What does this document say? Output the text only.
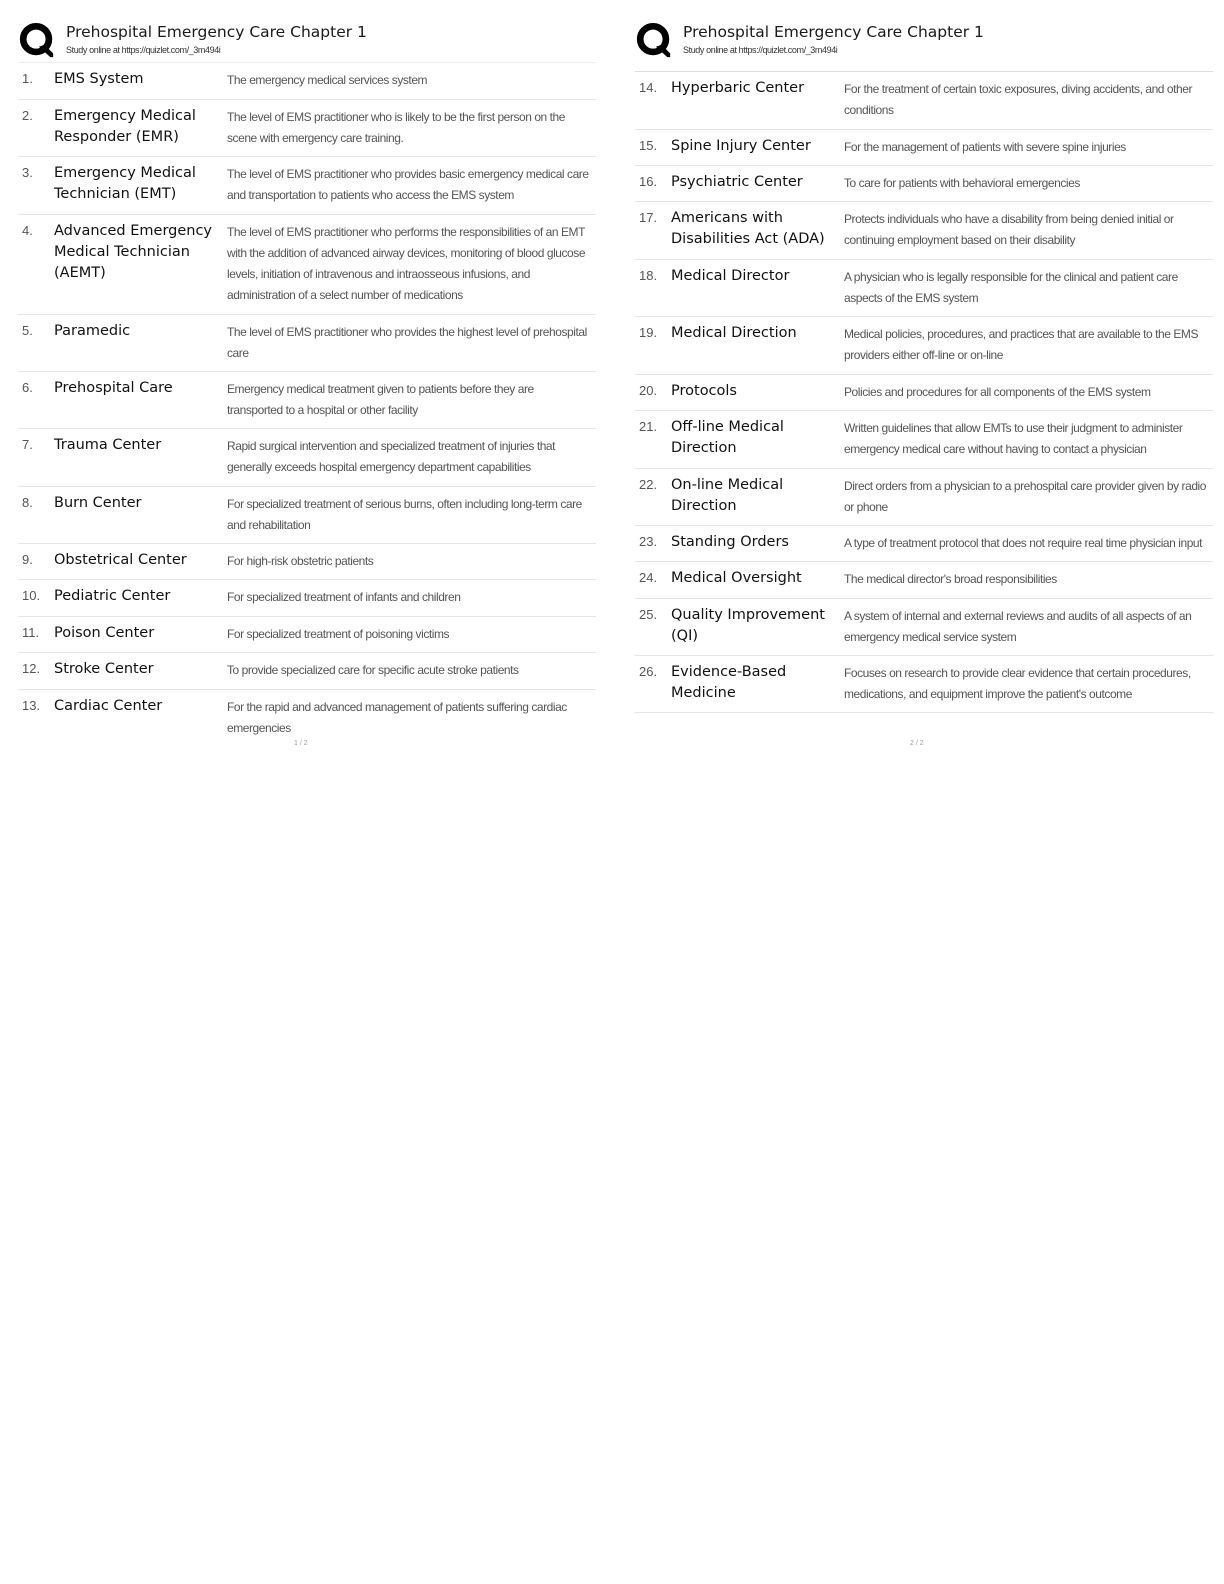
Prehospital Emergency Care Chapter 1
Study online at https://quizlet.com/_3m494i
1.	EMS System	The emergency medical services system
2.	Emergency Medical Responder (EMR)
The level of EMS practitioner who is likely to be the first person on the scene with emergency care training.
3.	Emergency Medical Technician (EMT)
The level of EMS practitioner who provides basic emergency medical care and transportation to patients who access the EMS system
4.	Advanced Emergency Medical Technician (AEMT)
The level of EMS practitioner who performs the responsibilities of an EMT with the addition of advanced airway devices, monitoring of blood glucose levels, initiation of intravenous and intraosseous infusions, and administration of a select number of medications
5.	Paramedic	The level of EMS practitioner who provides the highest level of prehospital care
6.	Prehospital Care	Emergency medical treatment given to patients before they are transported to a hospital or other facility
7.	Trauma Center	Rapid surgical intervention and specialized treatment of injuries that generally exceeds hospital emergency department capabilities
8.	Burn Center	For specialized treatment of serious burns, often including long-term care and rehabilitation
9.	Obstetrical Center	For high-risk obstetric patients
10. Pediatric Center	For specialized treatment of infants and children
11.	Poison Center	For specialized treatment of poisoning victims
12. Stroke Center	To provide specialized care for specific acute stroke patients
13. Cardiac Center	For the rapid and advanced management of patients suffering cardiac emergencies
1 / 2
Prehospital Emergency Care Chapter 1
Study online at https://quizlet.com/_3m494i
14. Hyperbaric Center	For the treatment of certain toxic exposures, diving accidents, and other conditions
15. Spine Injury Center	For the management of patients with severe spine injuries
16. Psychiatric Center	To care for patients with behavioral emergencies
17. Americans with Disabilities Act (ADA)
Protects individuals who have a disability from being denied initial or continuing employment based on their disability
18. Medical Director	A physician who is legally responsible for the clinical and patient care aspects of the EMS system
19. Medical Direction	Medical policies, procedures, and practices that are available to the EMS providers either off-line or on-line
20. Protocols	Policies and procedures for all components of the EMS system
21. Off-line Medical Direction
Written guidelines that allow EMTs to use their judgment to administer emergency medical care without having to contact a physician
22. On-line Medical Direction
Direct orders from a physician to a prehospital care provider given by radio or phone
23. Standing Orders	A type of treatment protocol that does not require real time physician input
24. Medical Oversight	The medical director's broad responsibilities
25. Quality Improvement (QI)
A system of internal and external reviews and audits of all aspects of an emergency medical service system
26. Evidence-Based Medicine
Focuses on research to provide clear evidence that certain procedures, medications, and equipment improve the patient's outcome
2 / 2
